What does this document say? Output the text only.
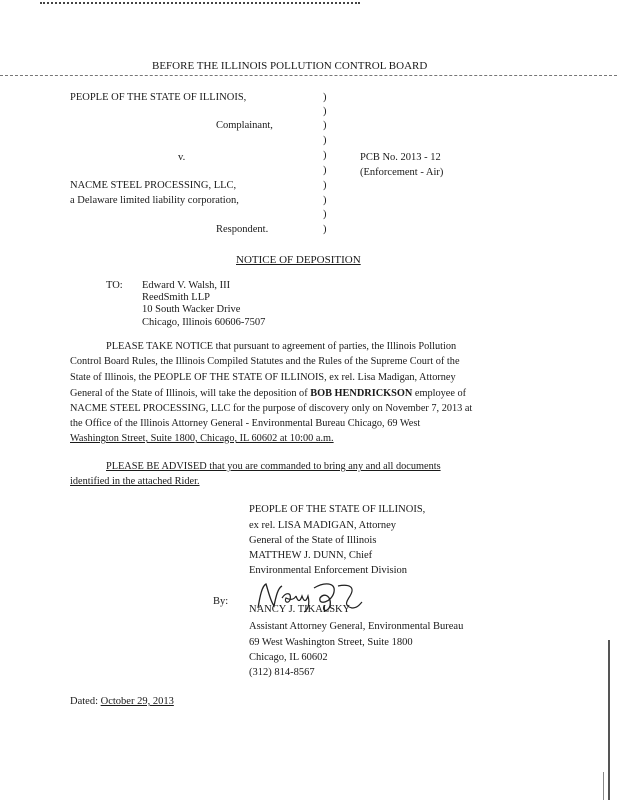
BEFORE THE ILLINOIS POLLUTION CONTROL BOARD
PEOPLE OF THE STATE OF ILLINOIS,
Complainant,
v.
NACME STEEL PROCESSING, LLC,
a Delaware limited liability corporation,
Respondent.
)
)
)
)
)
)
)
)
)
)
PCB No. 2013 - 12
(Enforcement - Air)
NOTICE OF DEPOSITION
TO: Edward V. Walsh, III
ReedSmith LLP
10 South Wacker Drive
Chicago, Illinois 60606-7507
PLEASE TAKE NOTICE that pursuant to agreement of parties, the Illinois Pollution
Control Board Rules, the Illinois Compiled Statutes and the Rules of the Supreme Court of the
State of Illinois, the PEOPLE OF THE STATE OF ILLINOIS, ex rel. Lisa Madigan, Attorney
General of the State of Illinois, will take the deposition of BOB HENDRICKSON employee of
NACME STEEL PROCESSING, LLC for the purpose of discovery only on November 7, 2013 at
the Office of the Illinois Attorney General - Environmental Bureau Chicago, 69 West
Washington Street, Suite 1800, Chicago, IL 60602 at 10:00 a.m.
PLEASE BE ADVISED that you are commanded to bring any and all documents
identified in the attached Rider.
PEOPLE OF THE STATE OF ILLINOIS,
ex rel. LISA MADIGAN, Attorney
General of the State of Illinois
MATTHEW J. DUNN, Chief
Environmental Enforcement Division
By:
NANCY J. TIKALSKY
Assistant Attorney General, Environmental Bureau
69 West Washington Street, Suite 1800
Chicago, IL 60602
(312) 814-8567
Dated: October 29, 2013
